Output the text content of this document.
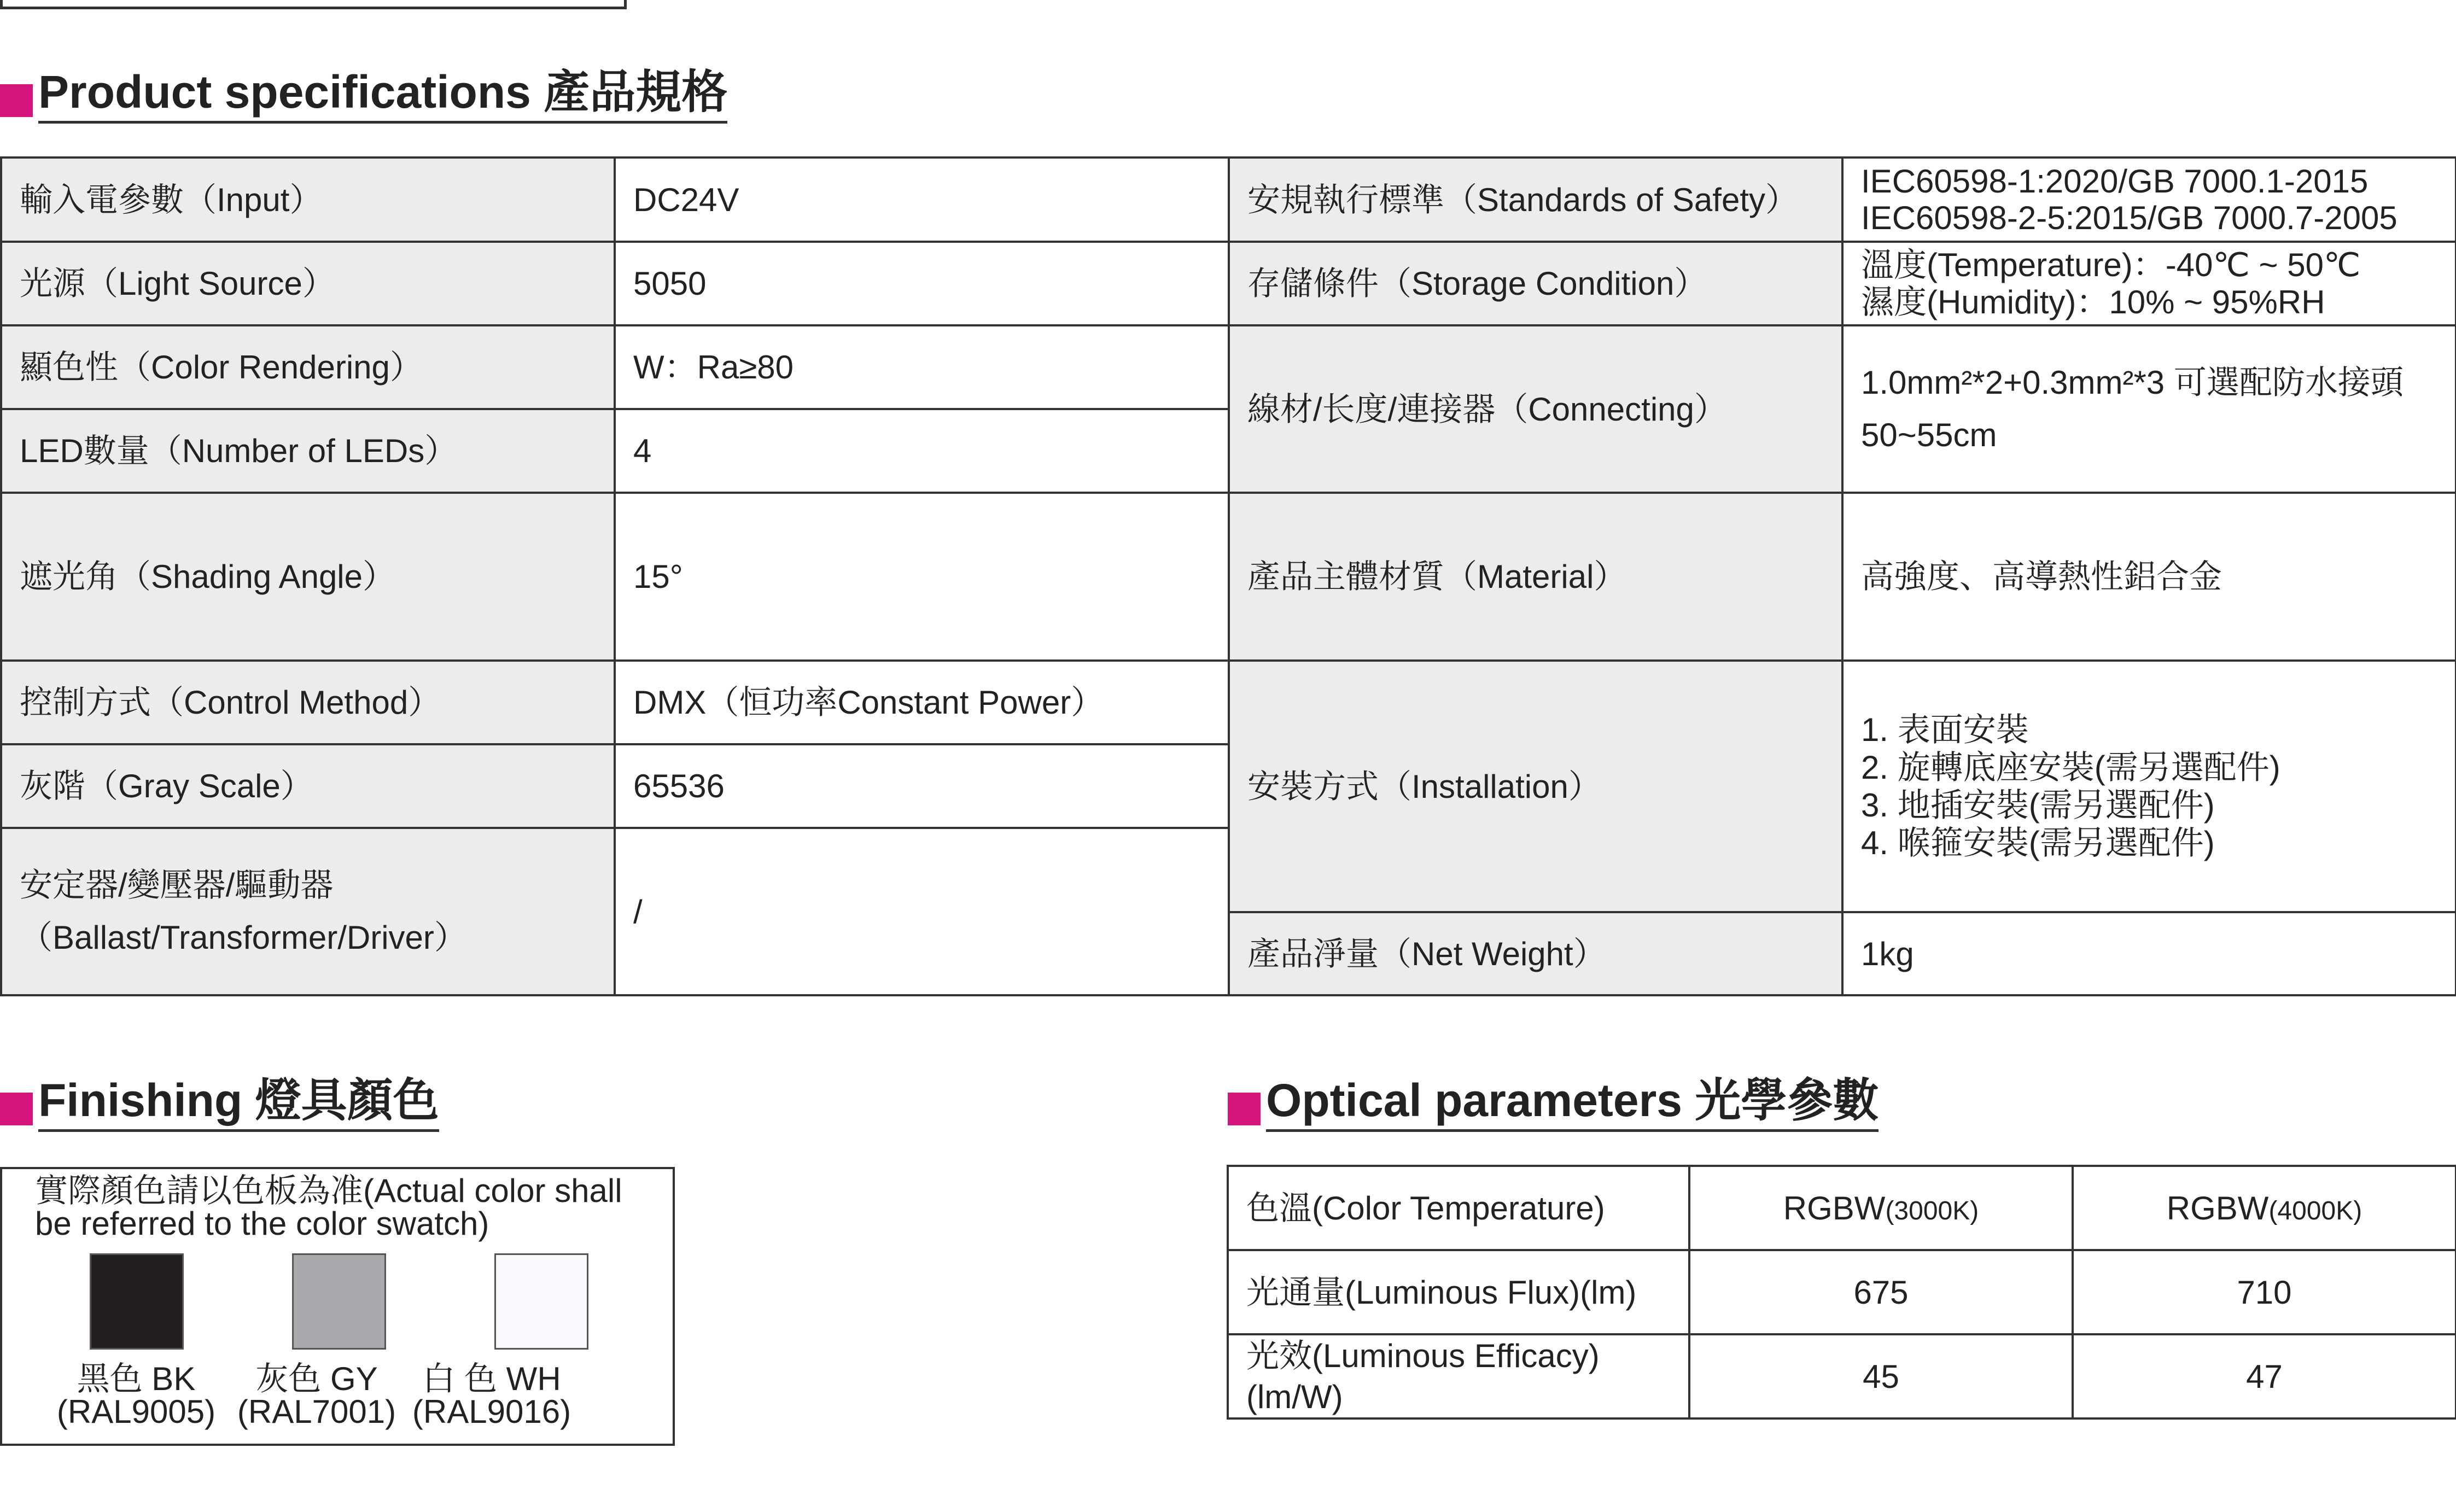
Product specifications 產品規格
輸入電參數（Input）	DC24V	安規執行標準（Standards of Safety）	IEC60598-1:2020/GB 7000.1-2015
IEC60598-2-5:2015/GB 7000.7-2005

光源（Light Source）	5050	存儲條件（Storage Condition）	溫度(Temperature)：-40℃ ~ 50℃
濕度(Humidity)：10% ~ 95%RH

顯色性（Color Rendering）	W：Ra≥80	線材/长度/連接器（Connecting）	1.0mm²*2+0.3mm²*3 可選配防水接頭
50~55cm

LED數量（Number of LEDs）	4		
遮光角（Shading Angle）	15°	產品主體材質（Material）	高強度、高導熱性鋁合金
控制方式（Control Method）	DMX（恒功率Constant Power）	安裝方式（Installation）	1. 表面安裝
2. 旋轉底座安裝(需另選配件)
3. 地插安裝(需另選配件)
4. 喉箍安裝(需另選配件)

灰階（Gray Scale）	65536		

安定器/變壓器/驅動器
（Ballast/Transformer/Driver）	/		
		產品淨量（Net Weight）	1kg
Finishing 燈具顏色
實際顏色請以色板為准(Actual color shall
be referred to the color swatch)
黑色 BK
(RAL9005)
灰色 GY
(RAL7001)
白 色 WH
(RAL9016)
Optical parameters 光學參數
色溫(Color Temperature)	RGBW(3000K)	RGBW(4000K)
光通量(Luminous Flux)(lm)	675	710
光效(Luminous Efficacy)(lm/W)	45	47
